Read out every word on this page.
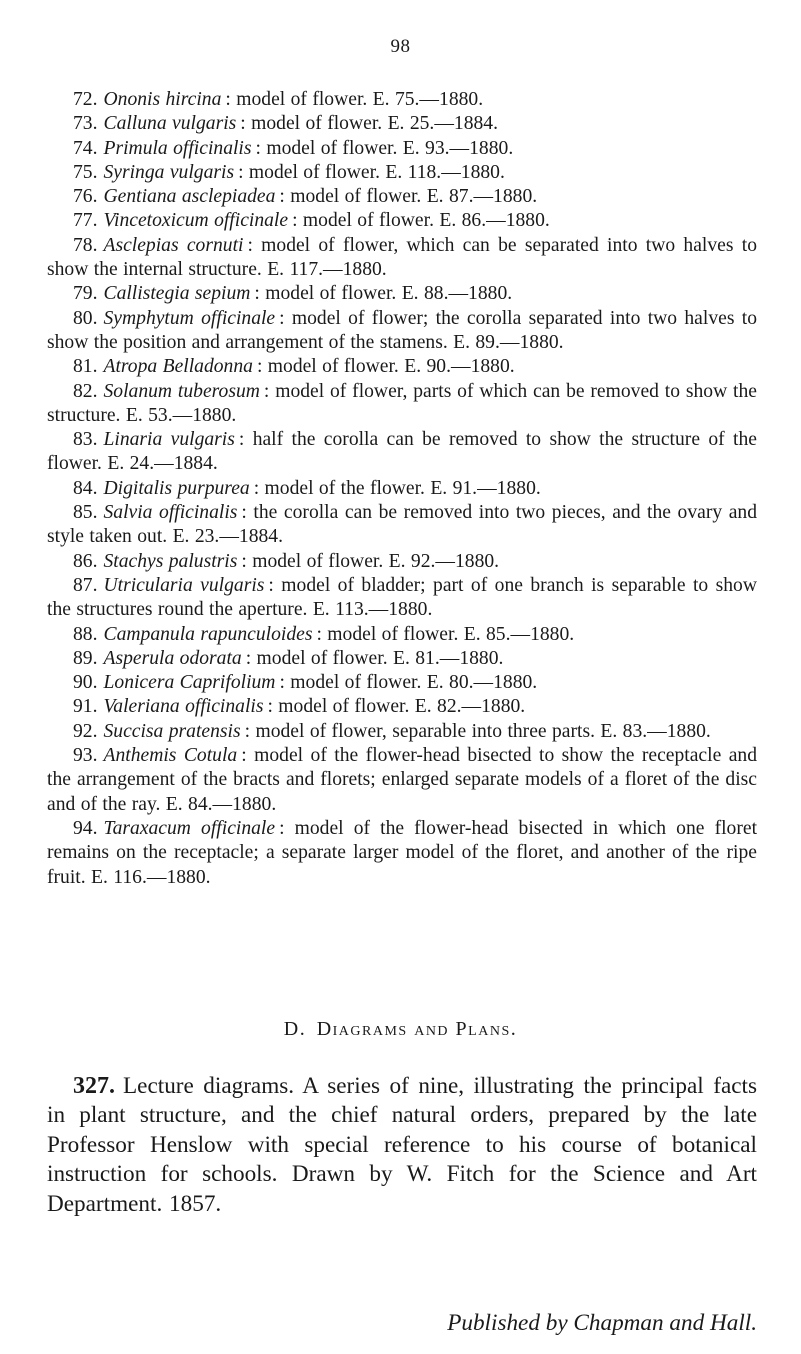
98

72. Ononis hircina : model of flower. E. 75.—1880.

73. Calluna vulgaris : model of flower. E. 25.—1884.

74. Primula officinalis : model of flower. E. 93.—1880.

75. Syringa vulgaris : model of flower. E. 118.—1880.

76. Gentiana asclepiadea : model of flower. E. 87.—1880.

77. Vincetoxicum officinale : model of flower. E. 86.—1880.

78. Asclepias cornuti : model of flower, which can be separated into two halves to show the internal structure. E. 117.—1880.

79. Callistegia sepium : model of flower. E. 88.—1880.

80. Symphytum officinale : model of flower; the corolla separated into two halves to show the position and arrangement of the stamens. E. 89.—1880.

81. Atropa Belladonna : model of flower. E. 90.—1880.

82. Solanum tuberosum : model of flower, parts of which can be removed to show the structure. E. 53.—1880.

83. Linaria vulgaris : half the corolla can be removed to show the structure of the flower. E. 24.—1884.

84. Digitalis purpurea : model of the flower. E. 91.—1880.

85. Salvia officinalis : the corolla can be removed into two pieces, and the ovary and style taken out. E. 23.—1884.

86. Stachys palustris : model of flower. E. 92.—1880.

87. Utricularia vulgaris : model of bladder; part of one branch is separable to show the structures round the aperture. E. 113.—1880.

88. Campanula rapunculoides : model of flower. E. 85.—1880.

89. Asperula odorata : model of flower. E. 81.—1880.

90. Lonicera Caprifolium : model of flower. E. 80.—1880.

91. Valeriana officinalis : model of flower. E. 82.—1880.

92. Succisa pratensis : model of flower, separable into three parts. E. 83.—1880.

93. Anthemis Cotula : model of the flower-head bisected to show the receptacle and the arrangement of the bracts and florets; enlarged separate models of a floret of the disc and of the ray. E. 84.—1880.

94. Taraxacum officinale : model of the flower-head bisected in which one floret remains on the receptacle; a separate larger model of the floret, and another of the ripe fruit. E. 116.—1880.

D. Diagrams and Plans.

327. Lecture diagrams. A series of nine, illustrating the principal facts in plant structure, and the chief natural orders, prepared by the late Professor Henslow with special reference to his course of botanical instruction for schools. Drawn by W. Fitch for the Science and Art Department. 1857.

Published by Chapman and Hall.
